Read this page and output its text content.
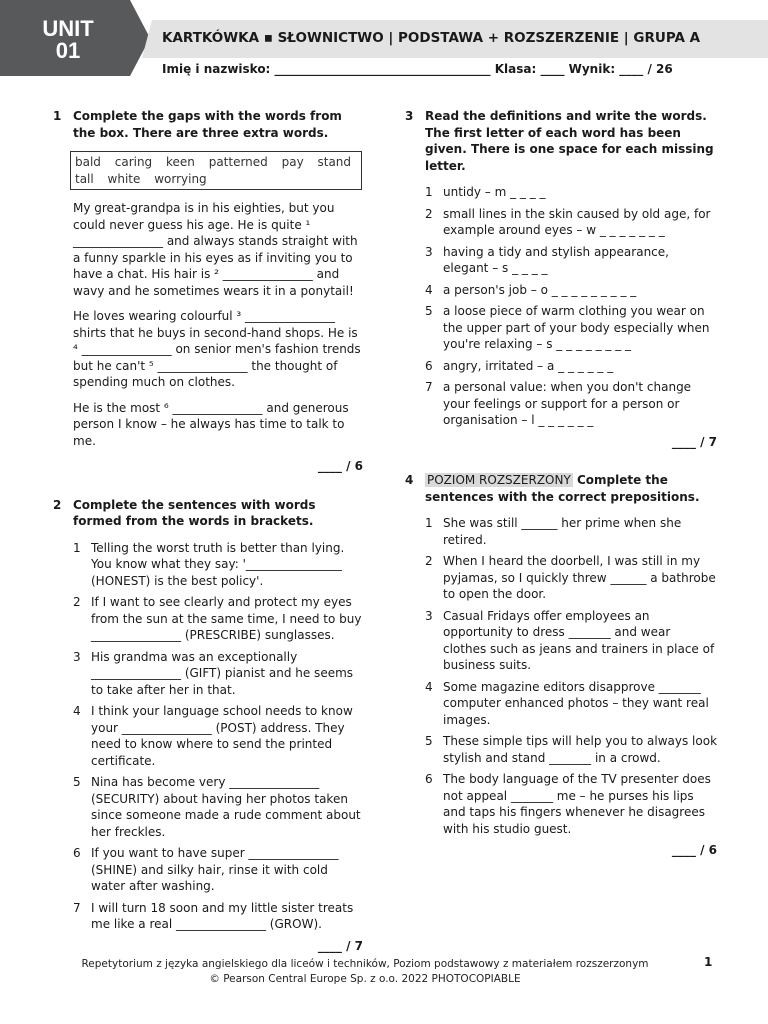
UNIT
01	KARTKÓWKA ▪ SŁOWNICTWO | PODSTAWA + ROZSZERZENIE | GRUPA A
Imię i nazwisko: ____________________________________ Klasa: ____ Wynik: ____ / 26
1 Complete the gaps with the words from the box. There are three extra words.
bald caring keen patterned pay stand tall white worrying

My great-grandpa is in his eighties, but you could never guess his age. He is quite ¹ _______________ and always stands straight with a funny sparkle in his eyes as if inviting you to have a chat. His hair is ² _______________ and wavy and he sometimes wears it in a ponytail!

He loves wearing colourful ³ _______________ shirts that he buys in second-hand shops. He is ⁴ _______________ on senior men's fashion trends but he can't ⁵ _______________ the thought of spending much on clothes.

He is the most ⁶ _______________ and generous person I know – he always has time to talk to me.

____ / 6
2 Complete the sentences with words formed from the words in brackets.
1 Telling the worst truth is better than lying. You know what they say: '________________ (HONEST) is the best policy'.
2 If I want to see clearly and protect my eyes from the sun at the same time, I need to buy _______________ (PRESCRIBE) sunglasses.
3 His grandma was an exceptionally _______________ (GIFT) pianist and he seems to take after her in that.
4 I think your language school needs to know your _______________ (POST) address. They need to know where to send the printed certificate.
5 Nina has become very _______________ (SECURITY) about having her photos taken since someone made a rude comment about her freckles.
6 If you want to have super _______________ (SHINE) and silky hair, rinse it with cold water after washing.
7 I will turn 18 soon and my little sister treats me like a real _______________ (GROW).
____ / 7
3 Read the definitions and write the words. The first letter of each word has been given. There is one space for each missing letter.
1 untidy – m _ _ _ _
2 small lines in the skin caused by old age, for example around eyes – w _ _ _ _ _ _ _
3 having a tidy and stylish appearance, elegant – s _ _ _ _
4 a person's job – o _ _ _ _ _ _ _ _ _
5 a loose piece of warm clothing you wear on the upper part of your body especially when you're relaxing – s _ _ _ _ _ _ _ _
6 angry, irritated – a _ _ _ _ _ _
7 a personal value: when you don't change your feelings or support for a person or organisation – l _ _ _ _ _ _
____ / 7
4	POZIOM ROZSZERZONY Complete the sentences with the correct prepositions.
1 She was still ______ her prime when she retired.
2 When I heard the doorbell, I was still in my pyjamas, so I quickly threw ______ a bathrobe to open the door.
3 Casual Fridays offer employees an opportunity to dress _______ and wear clothes such as jeans and trainers in place of business suits.
4 Some magazine editors disapprove _______ computer enhanced photos – they want real images.
5 These simple tips will help you to always look stylish and stand _______ in a crowd.
6 The body language of the TV presenter does not appeal _______ me – he purses his lips and taps his fingers whenever he disagrees with his studio guest.
____ / 6
Repetytorium z języka angielskiego dla liceów i techników, Poziom podstawowy z materiałem rozszerzonym
© Pearson Central Europe Sp. z o.o. 2022 PHOTOCOPIABLE
1
